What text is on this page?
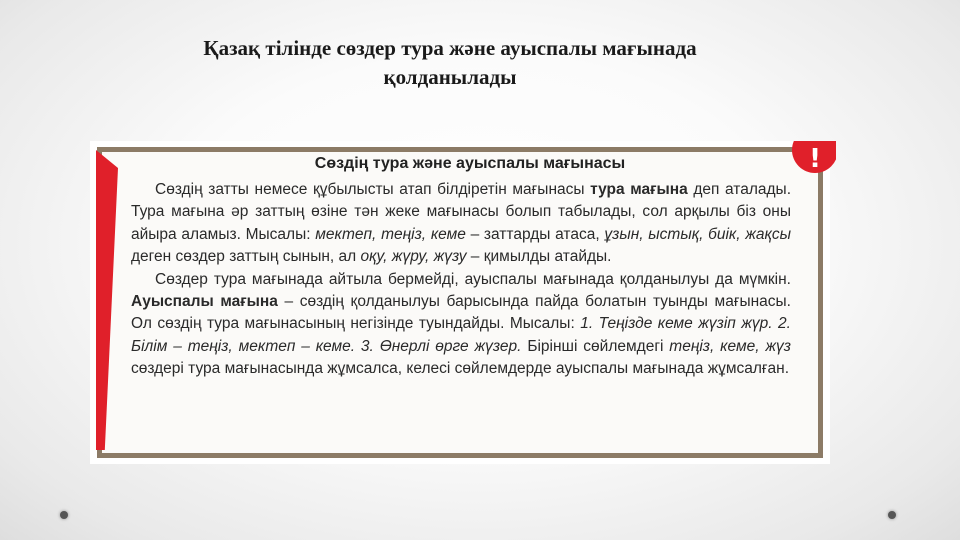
Қазақ тілінде сөздер тура және ауыспалы мағынада
қолданылады
!
Сөздің тура және ауыспалы мағынасы

Сөздің затты немесе құбылысты атап білдіретін мағынасы тура мағына деп аталады. Тура мағына әр заттың өзіне тән жеке мағынасы болып табылады, сол арқылы біз оны айыра аламыз. Мысалы: мектеп, теңіз, кеме – заттарды атаса, ұзын, ыстық, биік, жақсы деген сөздер заттың сынын, ал оқу, жүру, жүзу – қимылды атайды.

Сөздер тура мағынада айтыла бермейді, ауыспалы мағынада қолданылуы да мүмкін. Ауыспалы мағына – сөздің қолданылуы барысында пайда болатын туынды мағынасы. Ол сөздің тура мағынасының негізінде туындайды. Мысалы: 1. Теңізде кеме жүзіп жүр. 2. Білім – теңіз, мектеп – кеме. 3. Өнерлі өрге жүзер. Бірінші сөйлемдегі теңіз, кеме, жүз сөздері тура мағынасында жұмсалса, келесі сөйлемдерде ауыспалы мағынада жұмсалған.
